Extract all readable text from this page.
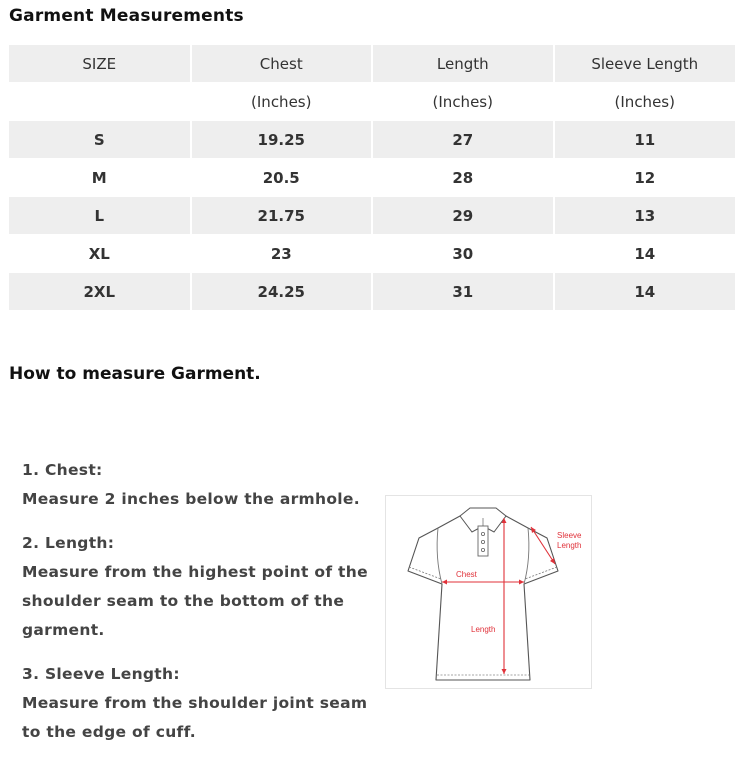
Garment Measurements
SIZE	Chest	Length	Sleeve Length
	(Inches)	(Inches)	(Inches)
S	19.25	27	11
M	20.5	28	12
L	21.75	29	13
XL	23	30	14
2XL	24.25	31	14
How to measure Garment.

1. Chest:

Measure 2 inches below the armhole.

2. Length:

Measure from the highest point of the shoulder seam to the bottom of the garment.

3. Sleeve Length:

Measure from the shoulder joint seam to the edge of cuff.

Chest
Length
Sleeve
Length
